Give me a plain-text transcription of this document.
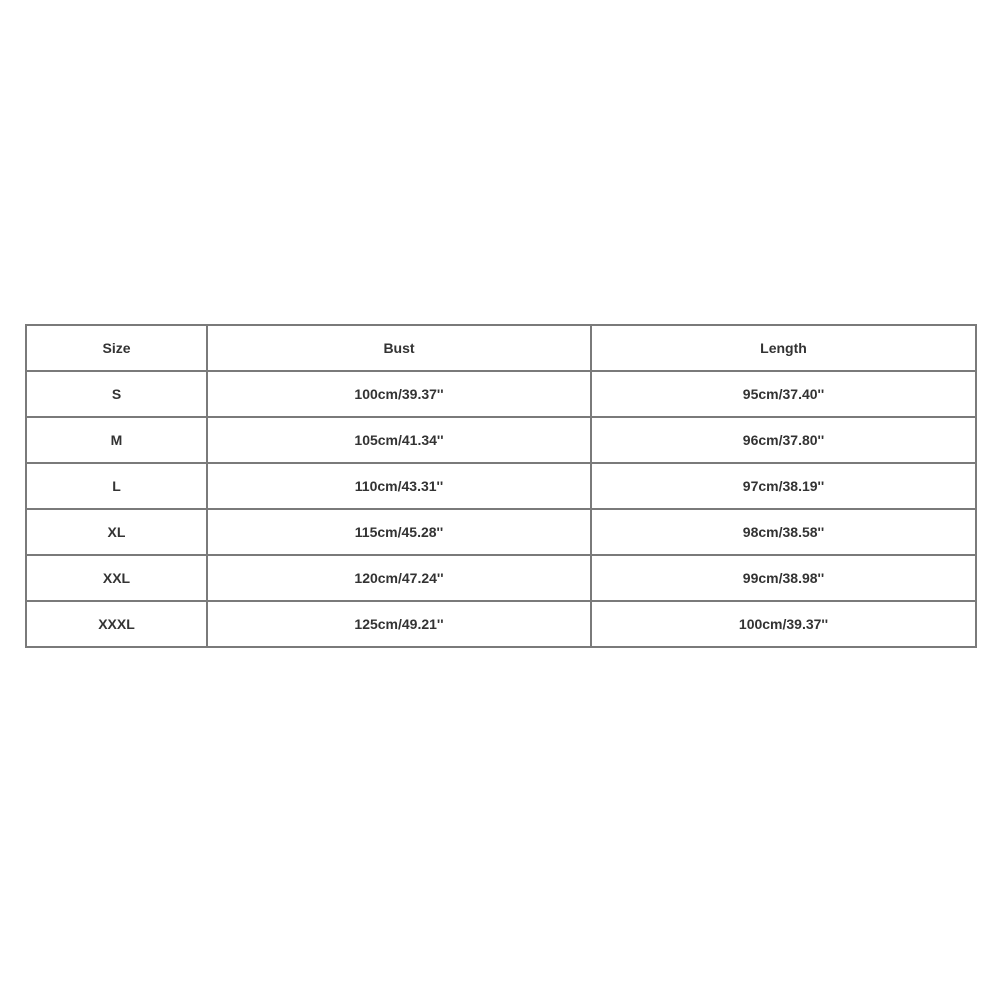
Size	Bust	Length
S	100cm/39.37''	95cm/37.40''
M	105cm/41.34''	96cm/37.80''
L	110cm/43.31''	97cm/38.19''
XL	115cm/45.28''	98cm/38.58''
XXL	120cm/47.24''	99cm/38.98''
XXXL	125cm/49.21''	100cm/39.37''
